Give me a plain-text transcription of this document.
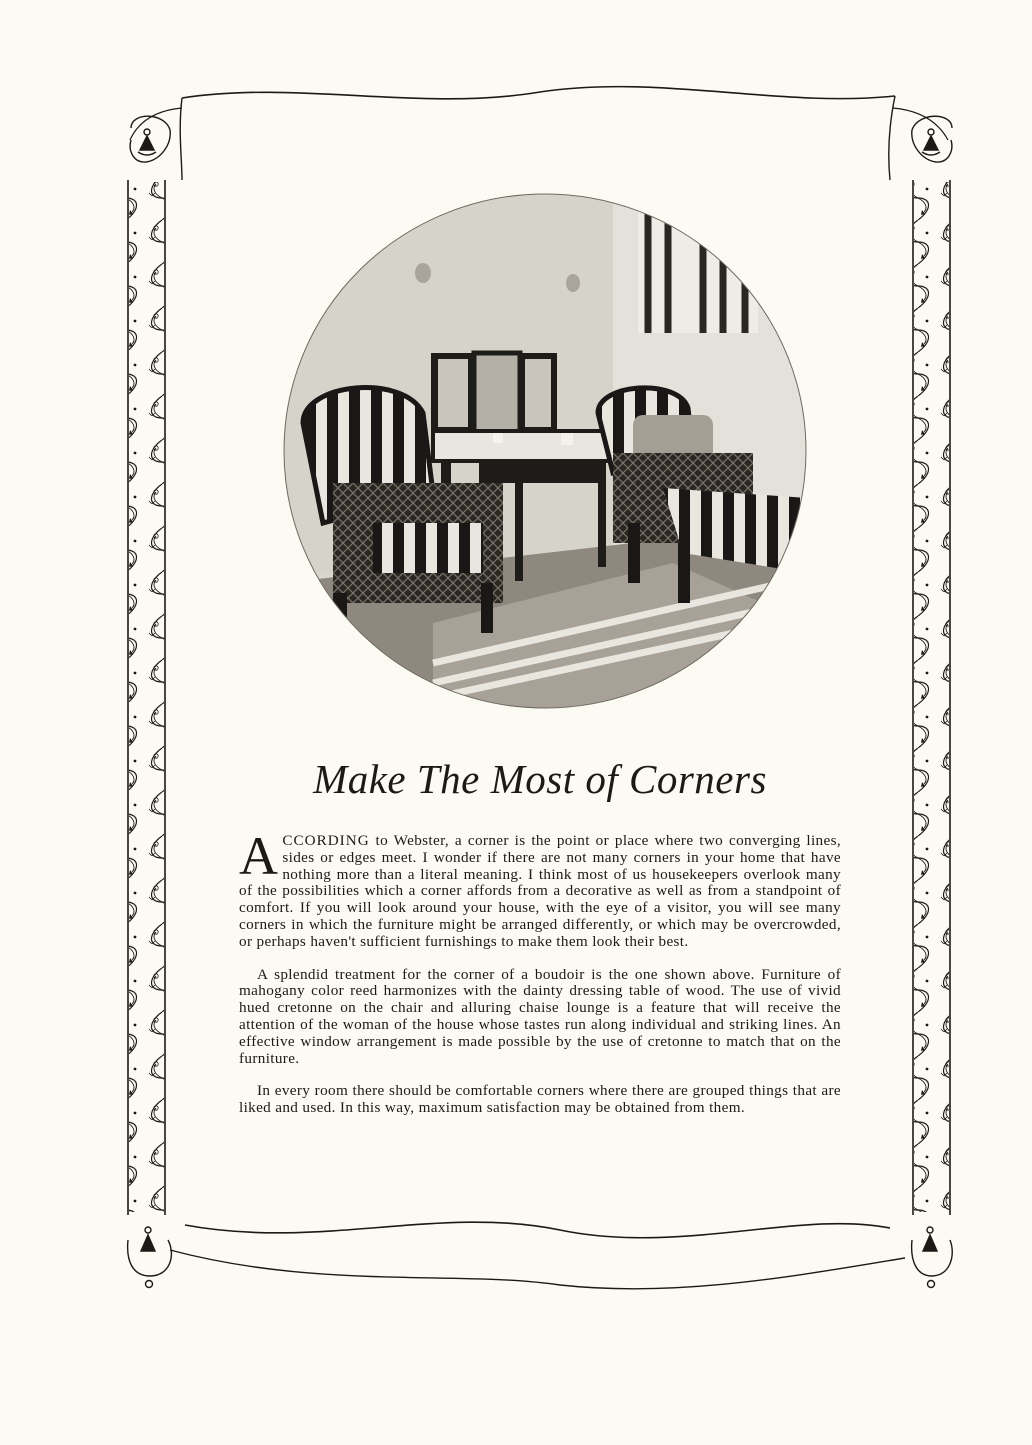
Make The Most of Corners

ACCORDING to Webster, a corner is the point or place where two converging lines, sides or edges meet. I wonder if there are not many corners in your home that have nothing more than a literal meaning. I think most of us housekeepers overlook many of the possibilities which a corner affords from a decorative as well as from a standpoint of comfort. If you will look around your house, with the eye of a visitor, you will see many corners in which the furniture might be arranged differently, or which may be overcrowded, or perhaps haven't sufficient furnishings to make them look their best.

A splendid treatment for the corner of a boudoir is the one shown above. Furniture of mahogany color reed harmonizes with the dainty dressing table of wood. The use of vivid hued cretonne on the chair and alluring chaise lounge is a feature that will receive the attention of the woman of the house whose tastes run along individual and striking lines. An effective window arrangement is made possible by the use of cretonne to match that on the furniture.

In every room there should be comfortable corners where there are grouped things that are liked and used. In this way, maximum satisfaction may be obtained from them.
